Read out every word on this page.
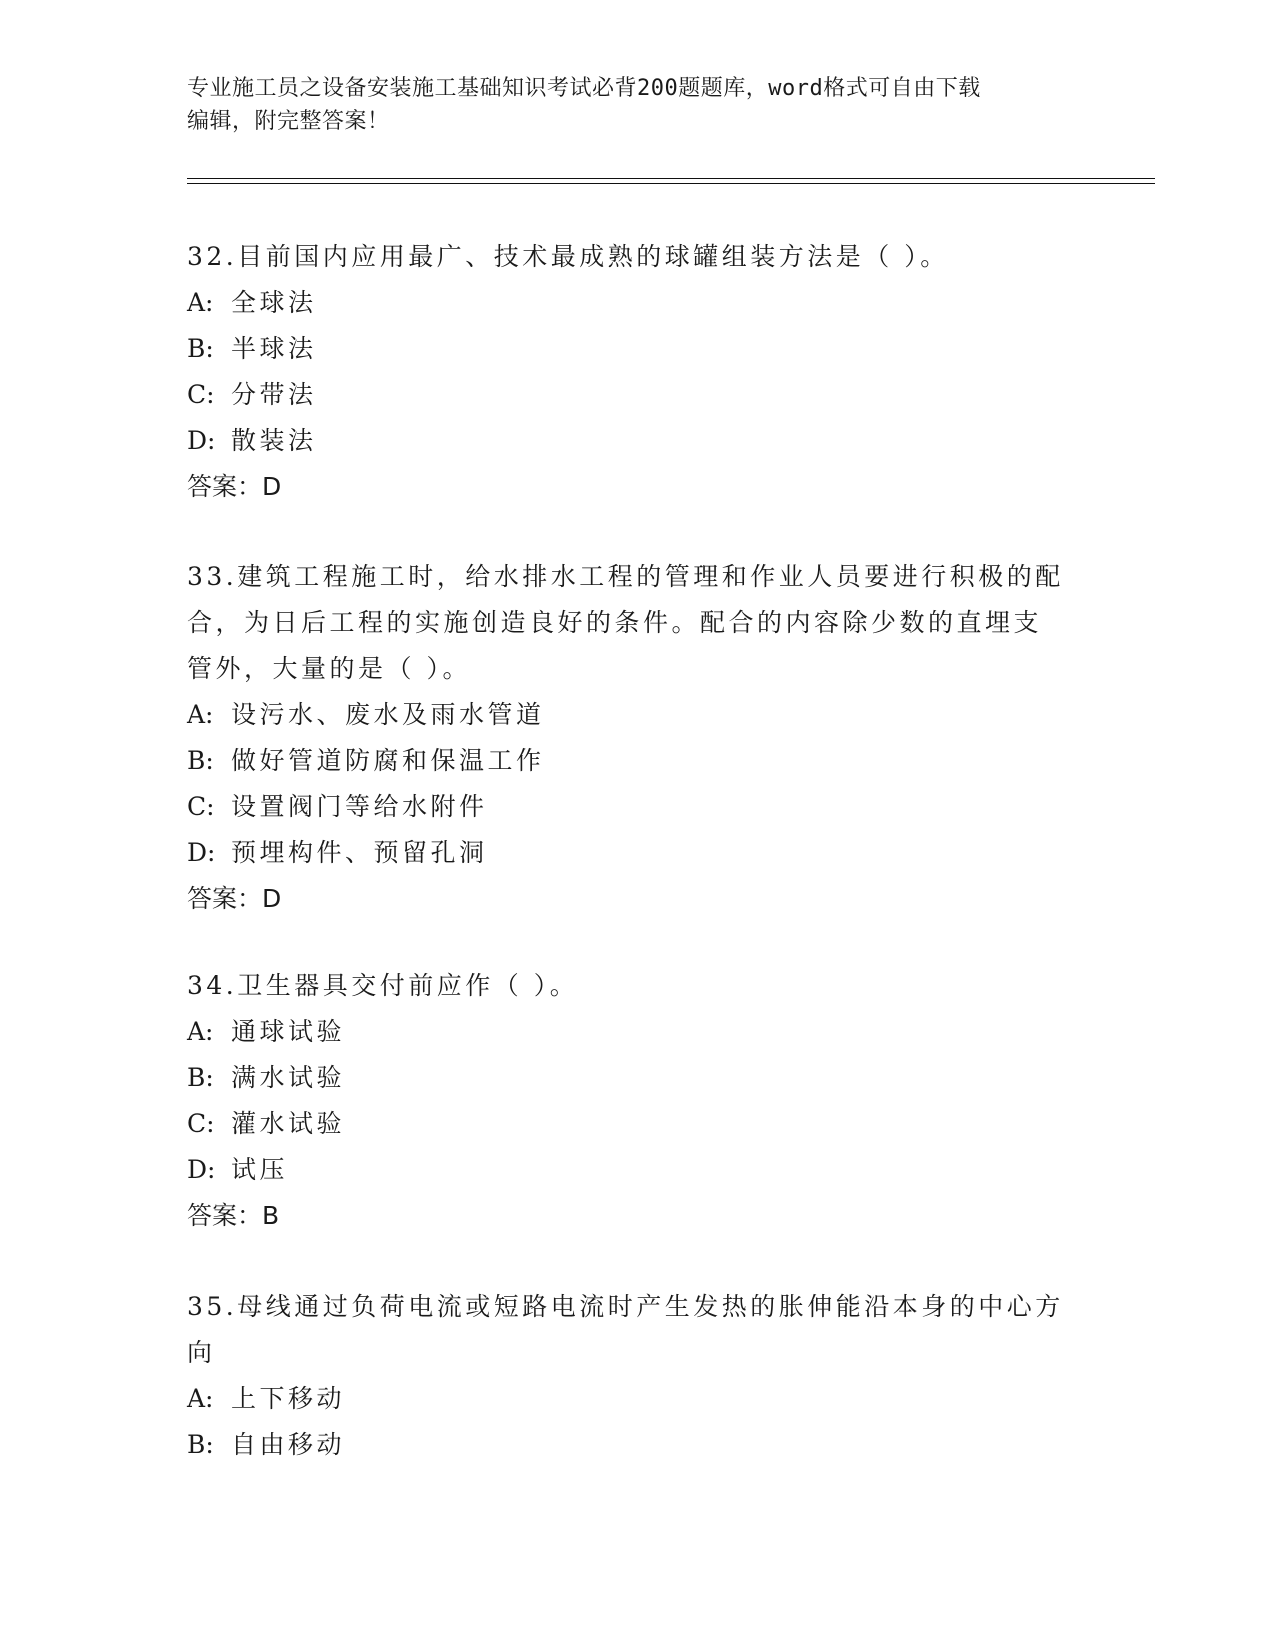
专业施工员之设备安装施工基础知识考试必背200题题库，word格式可自由下载
编辑，附完整答案！
32.目前国内应用最广、技术最成熟的球罐组装方法是（ ）。
A: 全球法
B: 半球法
C: 分带法
D: 散装法
答案：D
33.建筑工程施工时，给水排水工程的管理和作业人员要进行积极的配
合，为日后工程的实施创造良好的条件。配合的内容除少数的直埋支
管外，大量的是（ ）。
A: 设污水、废水及雨水管道
B: 做好管道防腐和保温工作
C: 设置阀门等给水附件
D: 预埋构件、预留孔洞
答案：D
34.卫生器具交付前应作（ ）。
A: 通球试验
B: 满水试验
C: 灌水试验
D: 试压
答案：B
35.母线通过负荷电流或短路电流时产生发热的胀伸能沿本身的中心方
向
A: 上下移动
B: 自由移动
